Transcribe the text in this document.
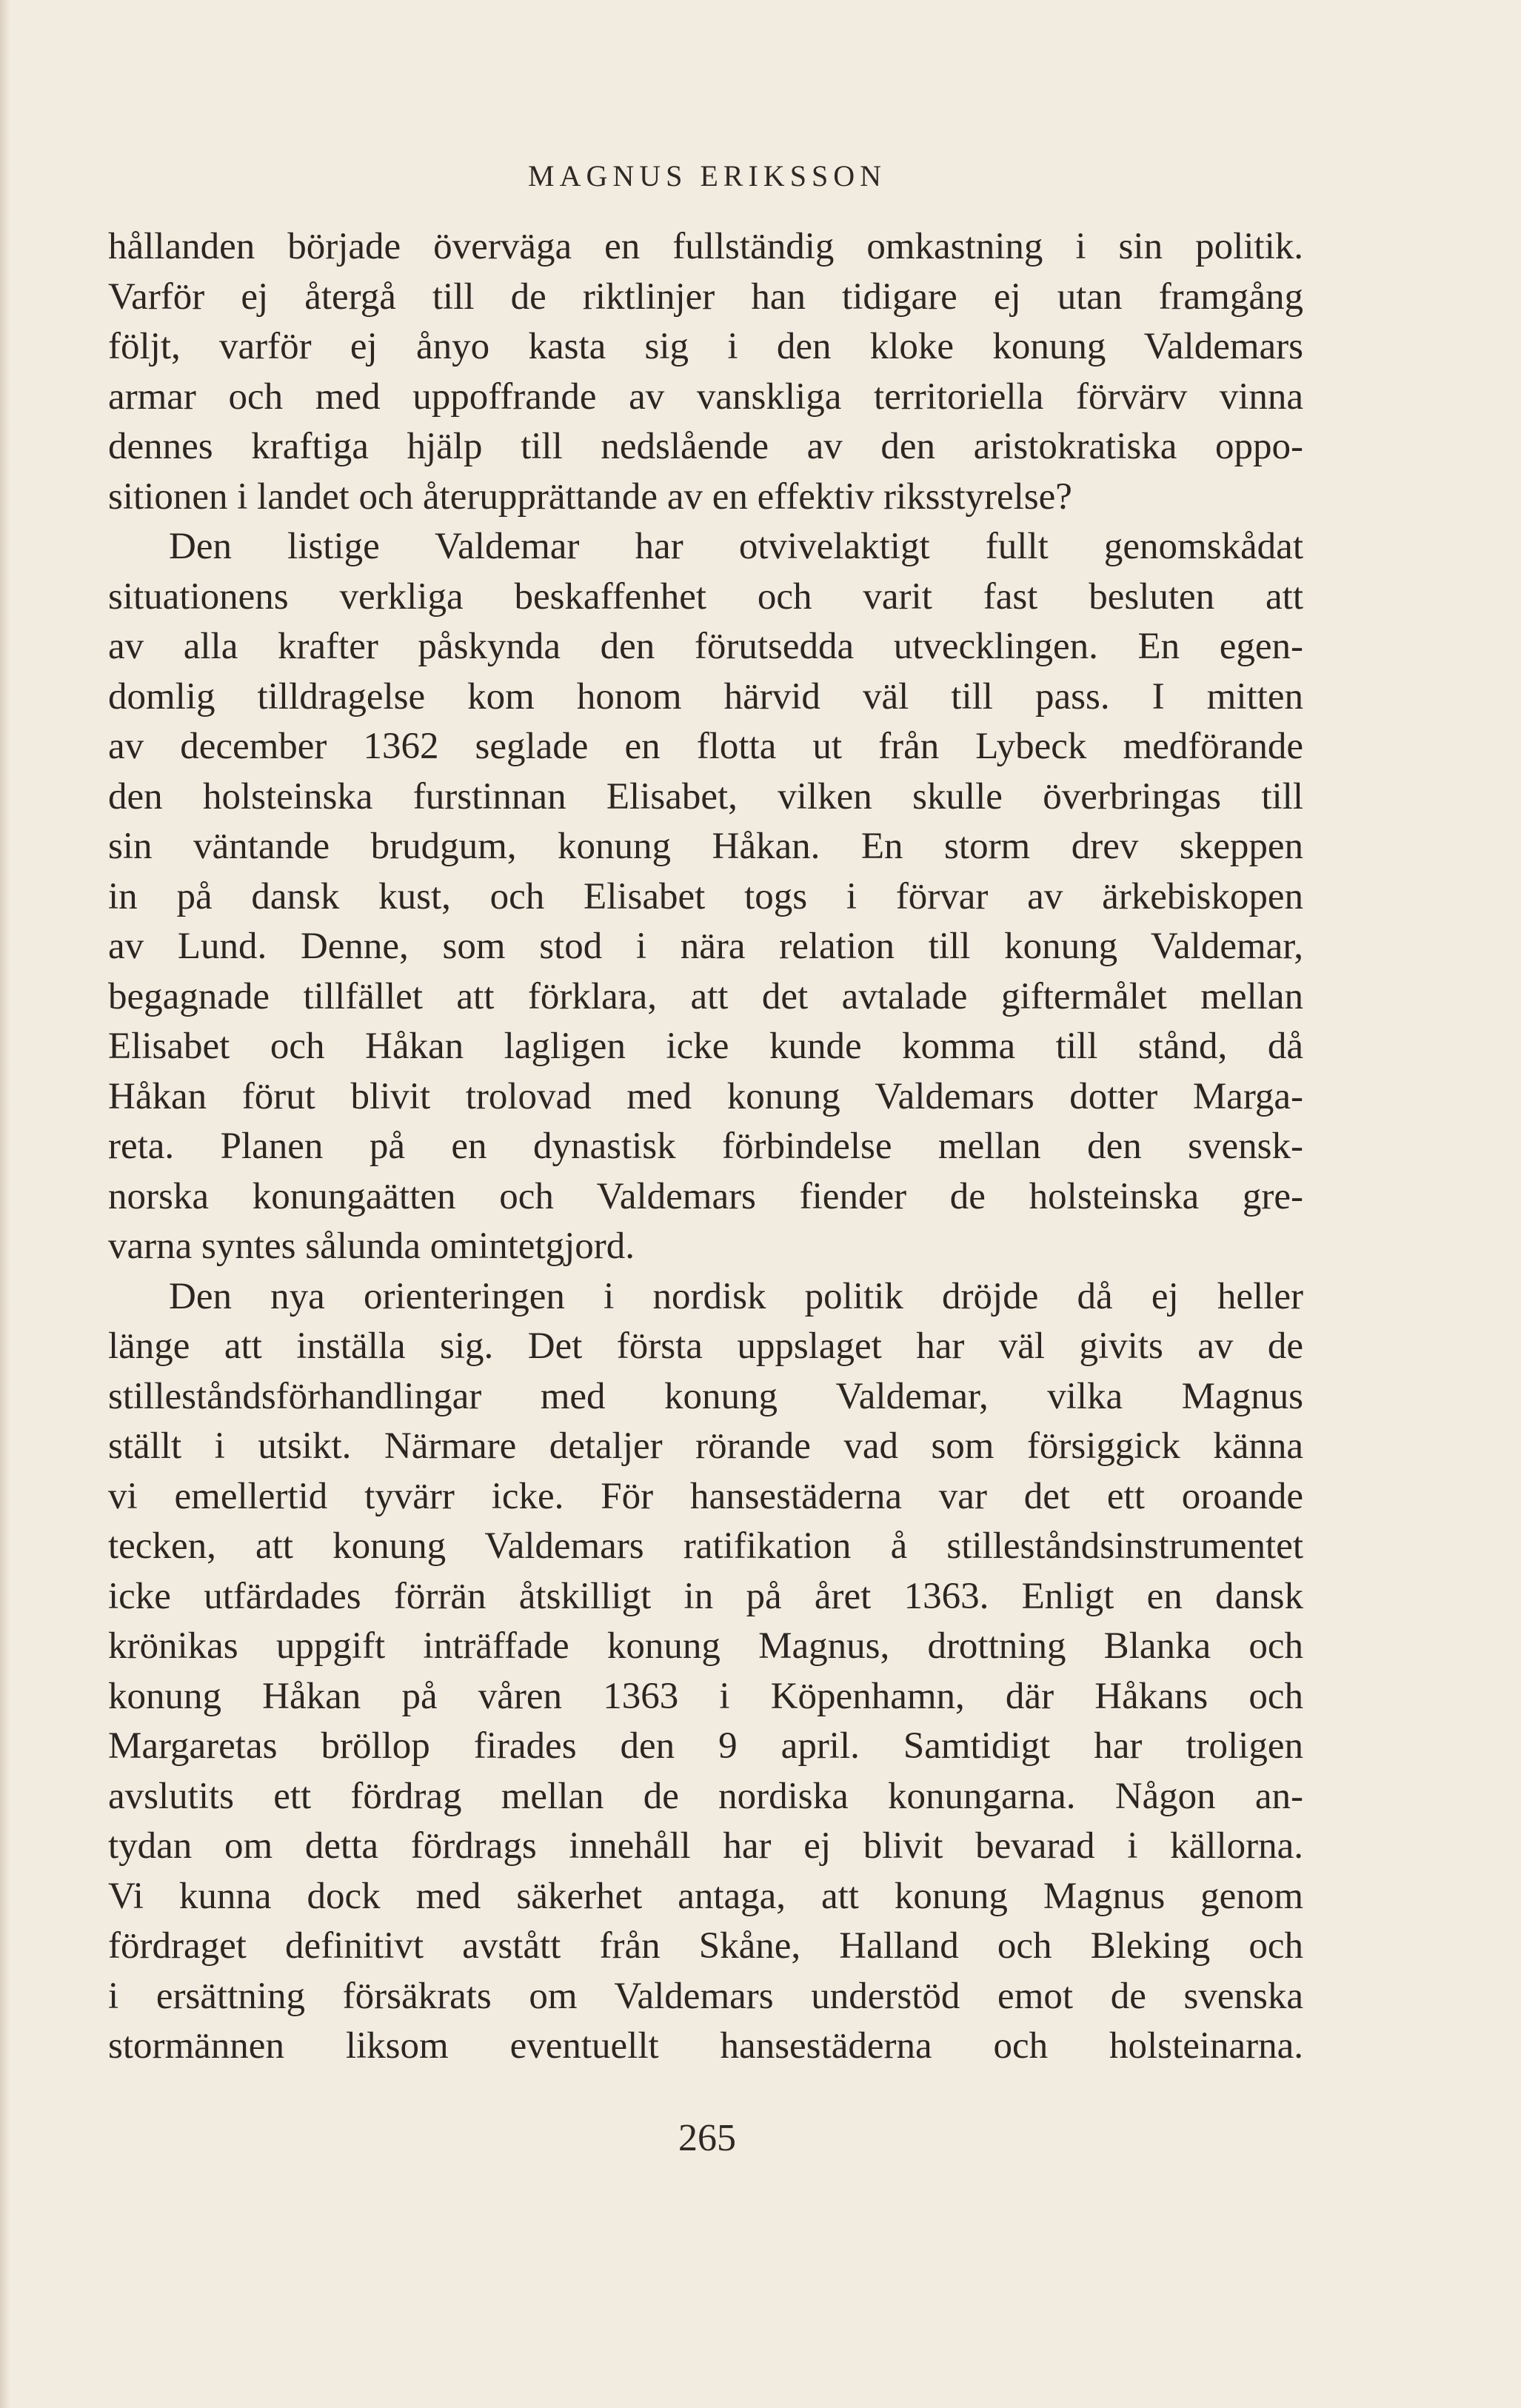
MAGNUS ERIKSSON
hållanden började överväga en fullständig omkastning i sin politik.
Varför ej återgå till de riktlinjer han tidigare ej utan framgång
följt, varför ej ånyo kasta sig i den kloke konung Valdemars
armar och med uppoffrande av vanskliga territoriella förvärv vinna
dennes kraftiga hjälp till nedslående av den aristokratiska oppo-
sitionen i landet och återupprättande av en effektiv riksstyrelse?
Den listige Valdemar har otvivelaktigt fullt genomskådat
situationens verkliga beskaffenhet och varit fast besluten att
av alla krafter påskynda den förutsedda utvecklingen. En egen-
domlig tilldragelse kom honom härvid väl till pass. I mitten
av december 1362 seglade en flotta ut från Lybeck medförande
den holsteinska furstinnan Elisabet, vilken skulle överbringas till
sin väntande brudgum, konung Håkan. En storm drev skeppen
in på dansk kust, och Elisabet togs i förvar av ärkebiskopen
av Lund. Denne, som stod i nära relation till konung Valdemar,
begagnade tillfället att förklara, att det avtalade giftermålet mellan
Elisabet och Håkan lagligen icke kunde komma till stånd, då
Håkan förut blivit trolovad med konung Valdemars dotter Marga-
reta. Planen på en dynastisk förbindelse mellan den svensk-
norska konungaätten och Valdemars fiender de holsteinska gre-
varna syntes sålunda omintetgjord.
Den nya orienteringen i nordisk politik dröjde då ej heller
länge att inställa sig. Det första uppslaget har väl givits av de
stilleståndsförhandlingar med konung Valdemar, vilka Magnus
ställt i utsikt. Närmare detaljer rörande vad som försiggick känna
vi emellertid tyvärr icke. För hansestäderna var det ett oroande
tecken, att konung Valdemars ratifikation å stilleståndsinstrumentet
icke utfärdades förrän åtskilligt in på året 1363. Enligt en dansk
krönikas uppgift inträffade konung Magnus, drottning Blanka och
konung Håkan på våren 1363 i Köpenhamn, där Håkans och
Margaretas bröllop firades den 9 april. Samtidigt har troligen
avslutits ett fördrag mellan de nordiska konungarna. Någon an-
tydan om detta fördrags innehåll har ej blivit bevarad i källorna.
Vi kunna dock med säkerhet antaga, att konung Magnus genom
fördraget definitivt avstått från Skåne, Halland och Bleking och
i ersättning försäkrats om Valdemars understöd emot de svenska
stormännen liksom eventuellt hansestäderna och holsteinarna.
265
